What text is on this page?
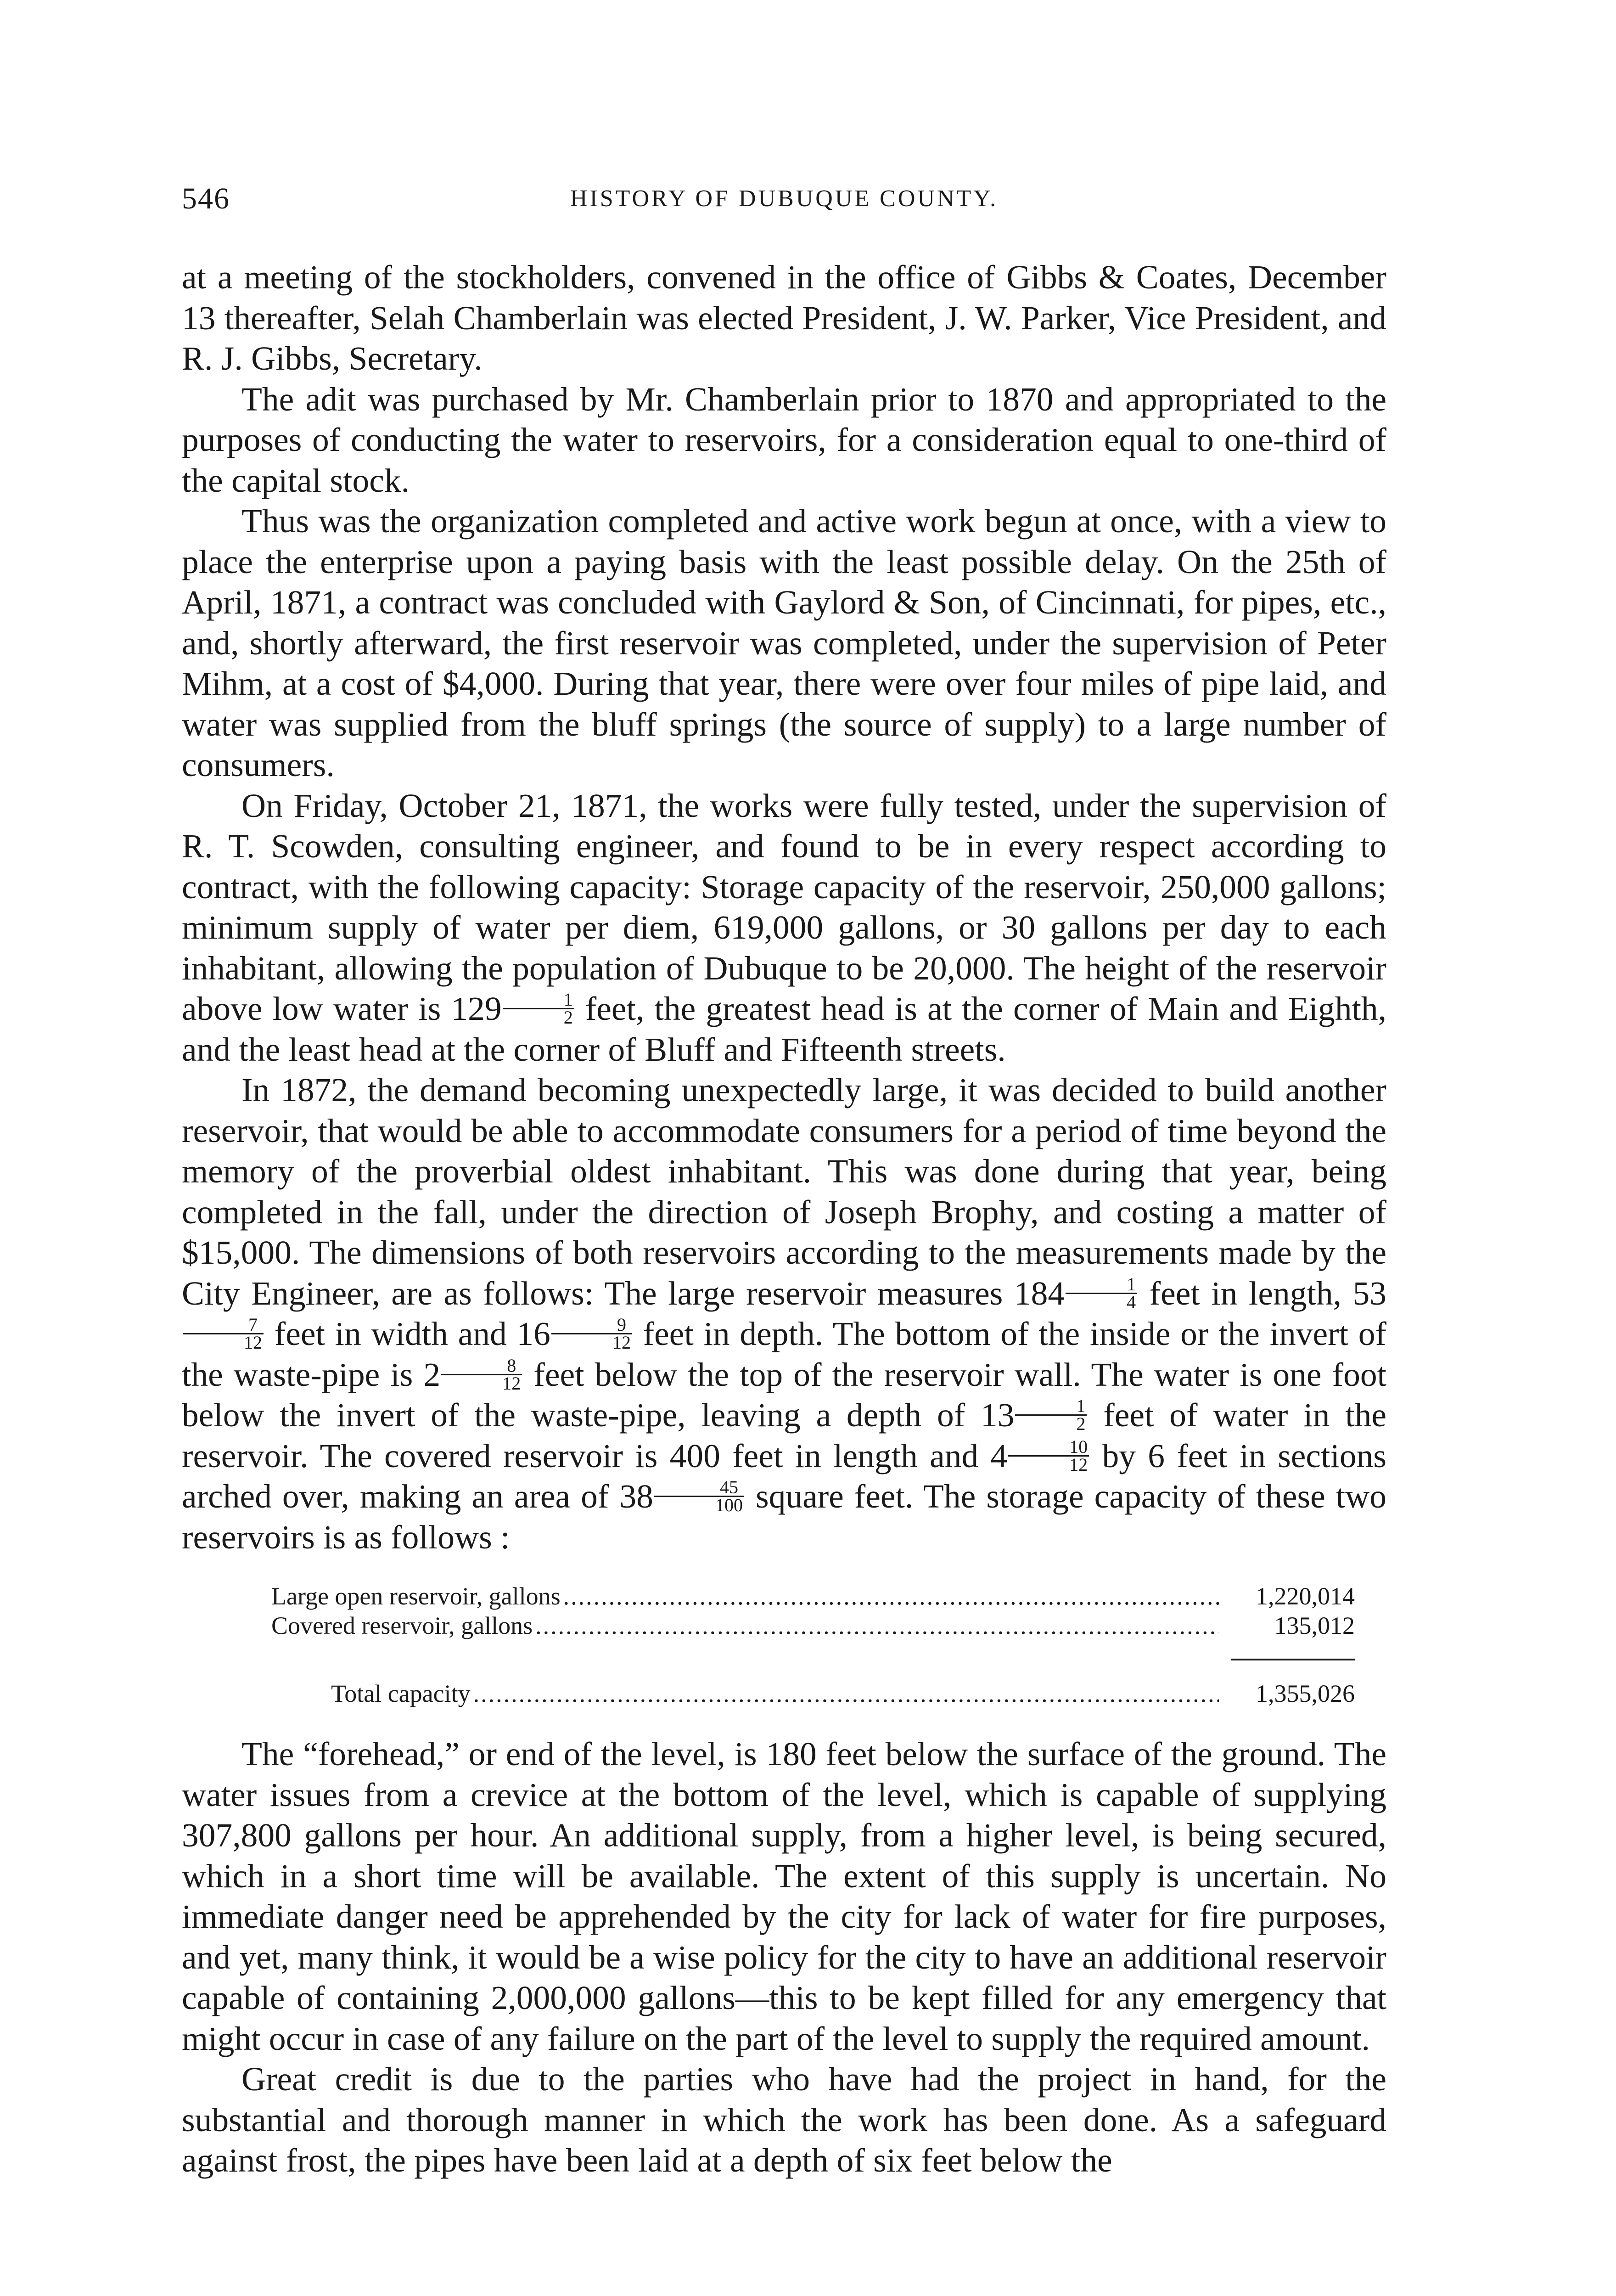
546	HISTORY OF DUBUQUE COUNTY.

at a meeting of the stockholders, convened in the office of Gibbs & Coates, December 13 thereafter, Selah Chamberlain was elected President, J. W. Parker, Vice President, and R. J. Gibbs, Secretary.

The adit was purchased by Mr. Chamberlain prior to 1870 and appropriated to the purposes of conducting the water to reservoirs, for a consideration equal to one-third of the capital stock.

Thus was the organization completed and active work begun at once, with a view to place the enterprise upon a paying basis with the least possible delay. On the 25th of April, 1871, a contract was concluded with Gaylord & Son, of Cincinnati, for pipes, etc., and, shortly afterward, the first reservoir was completed, under the supervision of Peter Mihm, at a cost of $4,000. During that year, there were over four miles of pipe laid, and water was supplied from the bluff springs (the source of supply) to a large number of consumers.

On Friday, October 21, 1871, the works were fully tested, under the supervision of R. T. Scowden, consulting engineer, and found to be in every respect according to contract, with the following capacity: Storage capacity of the reservoir, 250,000 gallons; minimum supply of water per diem, 619,000 gallons, or 30 gallons per day to each inhabitant, allowing the population of Dubuque to be 20,000. The height of the reservoir above low water is $129 \frac{1}{2}$ feet, the greatest head is at the corner of Main and Eighth, and the least head at the corner of Bluff and Fifteenth streets.

In 1872, the demand becoming unexpectedly large, it was decided to build another reservoir, that would be able to accommodate consumers for a period of time beyond the memory of the proverbial oldest inhabitant. This was done during that year, being completed in the fall, under the direction of Joseph Brophy, and costing a matter of $15,000. The dimensions of both reservoirs according to the measurements made by the City Engineer, are as follows: The large reservoir measures $184 \frac{1}{4}$ feet in length, 53
$\frac{7}{12}$ feet in width and $16 \frac{9}{12}$ feet in depth. The bottom of the inside or the invert of the waste-pipe is $2 \frac{8}{12}$ feet below the top of the reservoir wall. The water is one foot below the invert of the waste-pipe, leaving a depth of $13 \frac{1}{2}$ feet of water in the reservoir. The covered reservoir is 400 feet in length and $4 \frac{10}{12}$ by 6 feet in sections arched over, making an area of $38 \frac{45}{100}$ square feet. The storage capacity of these two reservoirs is as follows :

Large open reservoir, gallons .....	1,220,014
Covered reservoir, gallons .....	135,012
Total capacity .....	1,355,026

The “forehead,” or end of the level, is 180 feet below the surface of the ground. The water issues from a crevice at the bottom of the level, which is capable of supplying 307,800 gallons per hour. An additional supply, from a higher level, is being secured, which in a short time will be available. The extent of this supply is uncertain. No immediate danger need be apprehended by the city for lack of water for fire purposes, and yet, many think, it would be a wise policy for the city to have an additional reservoir capable of containing 2,000,000 gallons—this to be kept filled for any emergency that might occur in case of any failure on the part of the level to supply the required amount.

Great credit is due to the parties who have had the project in hand, for the substantial and thorough manner in which the work has been done. As a safeguard against frost, the pipes have been laid at a depth of six feet below the
